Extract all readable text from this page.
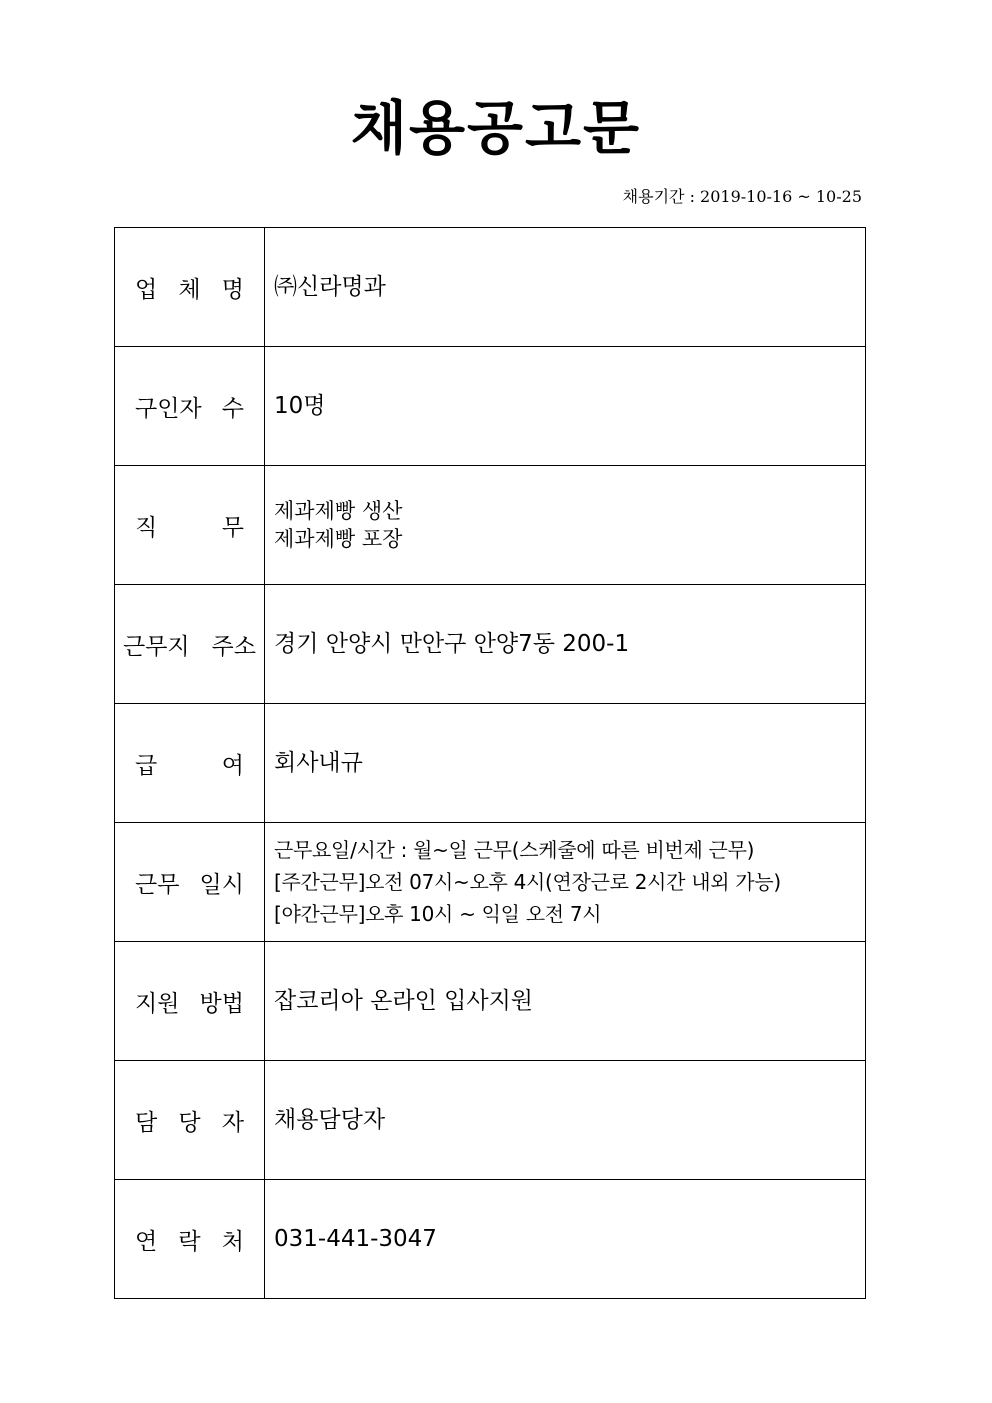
채용공고문
채용기간 : 2019-10-16 ~ 10-25
업 체 명	㈜신라명과
구인자 수	10명
직 무	제과제빵 생산
제과제빵 포장

근무지 주소	경기 안양시 만안구 안양7동 200-1
급 여	회사내규
근무 일시	근무요일/시간 : 월~일 근무(스케줄에 따른 비번제 근무)
[주간근무]오전 07시~오후 4시(연장근로 2시간 내외 가능)
[야간근무]오후 10시 ~ 익일 오전 7시

지원 방법	잡코리아 온라인 입사지원
담 당 자	채용담당자
연 락 처	031-441-3047
